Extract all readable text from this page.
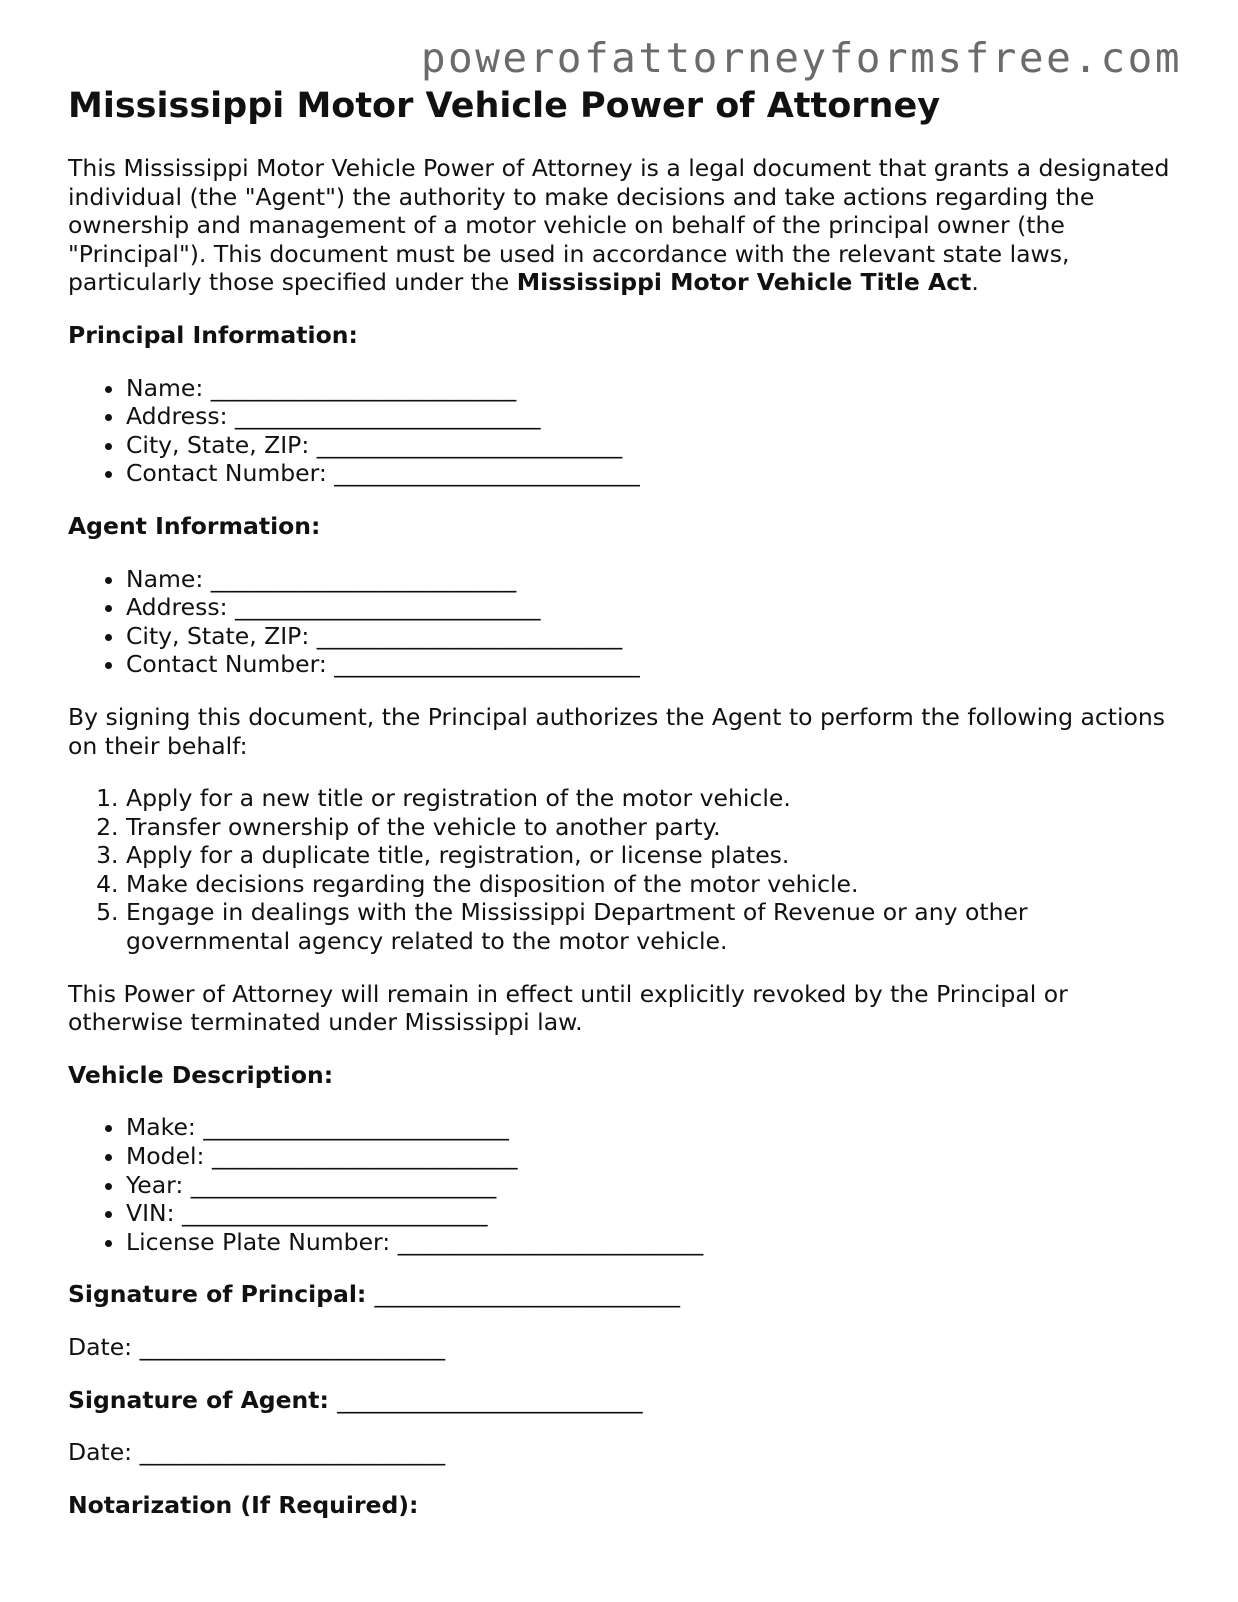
powerofattorneyformsfree.com
Mississippi Motor Vehicle Power of Attorney

This Mississippi Motor Vehicle Power of Attorney is a legal document that grants a designated individual (the "Agent") the authority to make decisions and take actions regarding the ownership and management of a motor vehicle on behalf of the principal owner (the "Principal"). This document must be used in accordance with the relevant state laws, particularly those specified under the Mississippi Motor Vehicle Title Act.

Principal Information:

• Name: __________________________
• Address: __________________________
• City, State, ZIP: __________________________
• Contact Number: __________________________

Agent Information:

• Name: __________________________
• Address: __________________________
• City, State, ZIP: __________________________
• Contact Number: __________________________

By signing this document, the Principal authorizes the Agent to perform the following actions on their behalf:

1. Apply for a new title or registration of the motor vehicle.
2. Transfer ownership of the vehicle to another party.
3. Apply for a duplicate title, registration, or license plates.
4. Make decisions regarding the disposition of the motor vehicle.
5. Engage in dealings with the Mississippi Department of Revenue or any other governmental agency related to the motor vehicle.

This Power of Attorney will remain in effect until explicitly revoked by the Principal or otherwise terminated under Mississippi law.

Vehicle Description:

• Make: __________________________
• Model: __________________________
• Year: __________________________
• VIN: __________________________
• License Plate Number: __________________________

Signature of Principal: __________________________

Date: __________________________

Signature of Agent: __________________________

Date: __________________________

Notarization (If Required):
